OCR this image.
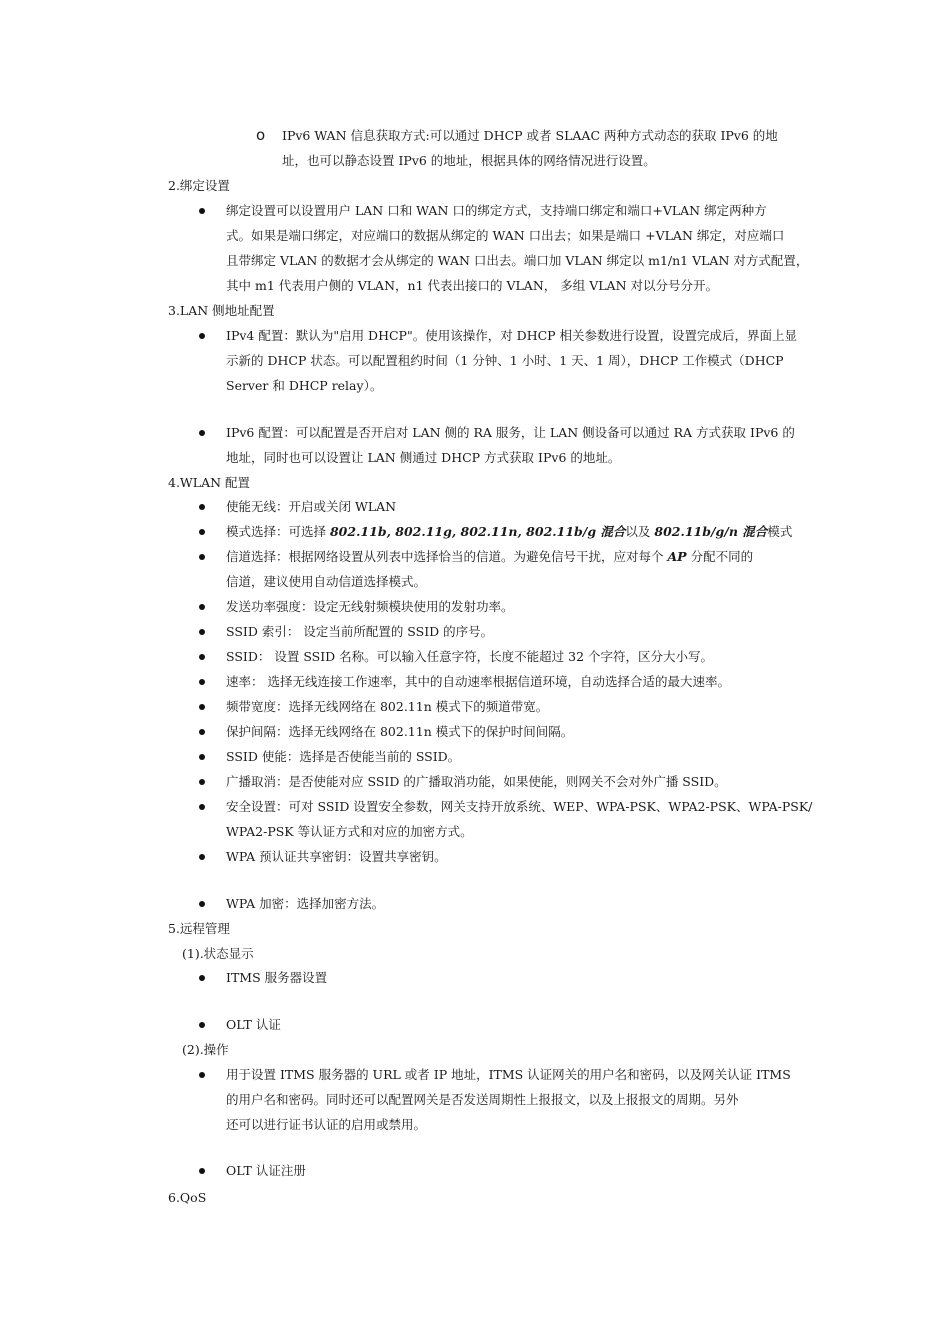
o IPv6 WAN 信息获取方式:可以通过 DHCP 或者 SLAAC 两种方式动态的获取 IPv6 的地
址，也可以静态设置 IPv6 的地址，根据具体的网络情况进行设置。
2.绑定设置
绑定设置可以设置用户 LAN 口和 WAN 口的绑定方式，支持端口绑定和端口+VLAN 绑定两种方
式。如果是端口绑定，对应端口的数据从绑定的 WAN 口出去；如果是端口 +VLAN 绑定，对应端口
且带绑定 VLAN 的数据才会从绑定的 WAN 口出去。端口加 VLAN 绑定以 m1/n1 VLAN 对方式配置，
其中 m1 代表用户侧的 VLAN，n1 代表出接口的 VLAN， 多组 VLAN 对以分号分开。
3.LAN 侧地址配置
IPv4 配置：默认为"启用 DHCP"。使用该操作，对 DHCP 相关参数进行设置，设置完成后，界面上显
示新的 DHCP 状态。可以配置租约时间（1 分钟、1 小时、1 天、1 周），DHCP 工作模式（DHCP
Server 和 DHCP relay）。
IPv6 配置：可以配置是否开启对 LAN 侧的 RA 服务，让 LAN 侧设备可以通过 RA 方式获取 IPv6 的
地址，同时也可以设置让 LAN 侧通过 DHCP 方式获取 IPv6 的地址。
4.WLAN 配置
使能无线：开启或关闭 WLAN
模式选择：可选择 802.11b, 802.11g, 802.11n, 802.11b/g 混合以及 802.11b/g/n 混合模式
信道选择：根据网络设置从列表中选择恰当的信道。为避免信号干扰，应对每个 AP 分配不同的
信道，建议使用自动信道选择模式。
发送功率强度：设定无线射频模块使用的发射功率。
SSID 索引： 设定当前所配置的 SSID 的序号。
SSID： 设置 SSID 名称。可以输入任意字符，长度不能超过 32 个字符，区分大小写。
速率： 选择无线连接工作速率，其中的自动速率根据信道环境，自动选择合适的最大速率。
频带宽度：选择无线网络在 802.11n 模式下的频道带宽。
保护间隔：选择无线网络在 802.11n 模式下的保护时间间隔。
SSID 使能：选择是否使能当前的 SSID。
广播取消：是否使能对应 SSID 的广播取消功能，如果使能，则网关不会对外广播 SSID。
安全设置：可对 SSID 设置安全参数，网关支持开放系统、WEP、WPA-PSK、WPA2-PSK、WPA-PSK/
WPA2-PSK 等认证方式和对应的加密方式。
WPA 预认证共享密钥：设置共享密钥。
WPA 加密：选择加密方法。
5.远程管理
(1).状态显示
ITMS 服务器设置
OLT 认证
(2).操作
用于设置 ITMS 服务器的 URL 或者 IP 地址，ITMS 认证网关的用户名和密码，以及网关认证 ITMS
的用户名和密码。同时还可以配置网关是否发送周期性上报报文，以及上报报文的周期。另外
还可以进行证书认证的启用或禁用。
OLT 认证注册
6.QoS
